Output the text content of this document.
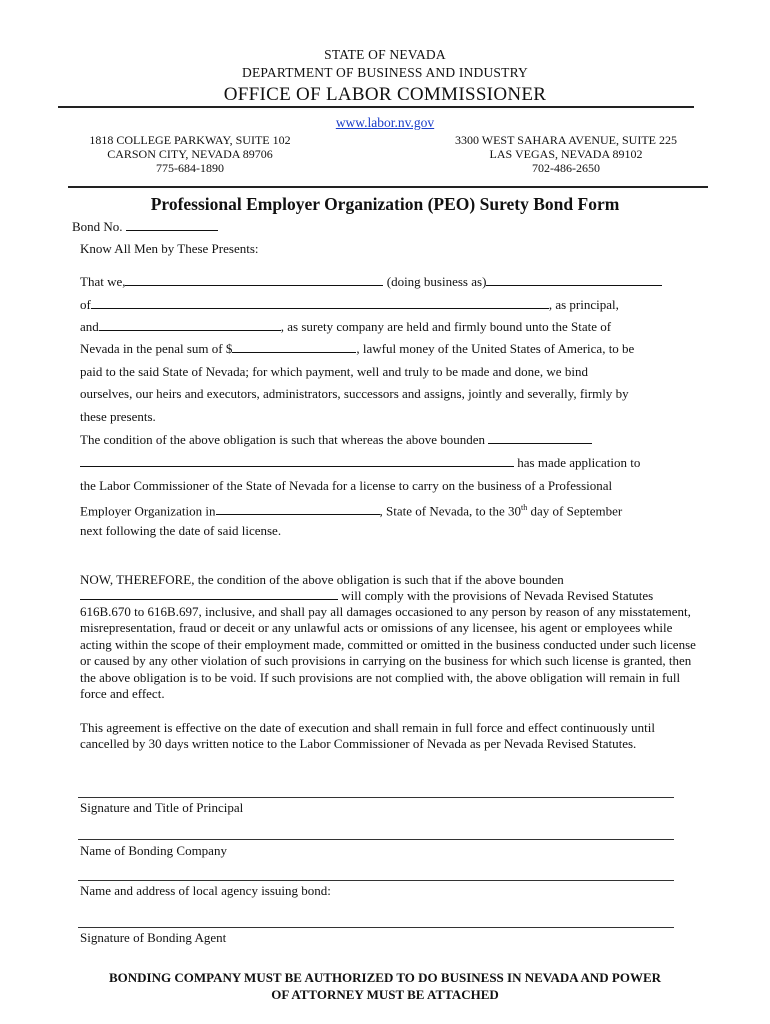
STATE OF NEVADA
DEPARTMENT OF BUSINESS AND INDUSTRY
OFFICE OF LABOR COMMISSIONER
www.labor.nv.gov
1818 COLLEGE PARKWAY, SUITE 102
CARSON CITY, NEVADA 89706
775-684-1890
3300 WEST SAHARA AVENUE, SUITE 225
LAS VEGAS, NEVADA 89102
702-486-2650
Professional Employer Organization (PEO) Surety Bond Form
Bond No.
Know All Men by These Presents:
That we,	(doing business as)
of	, as principal,
and	, as surety company are held and firmly bound unto the State of
Nevada in the penal sum of $	, lawful money of the United States of America, to be
paid to the said State of Nevada; for which payment, well and truly to be made and done, we bind
ourselves, our heirs and executors, administrators, successors and assigns, jointly and severally, firmly by
these presents.
The condition of the above obligation is such that whereas the above bounden
has made application to
the Labor Commissioner of the State of Nevada for a license to carry on the business of a Professional
Employer Organization in	, State of Nevada, to the 30th day of September
next following the date of said license.
NOW, THEREFORE, the condition of the above obligation is such that if the above bounden
will comply with the provisions of Nevada Revised Statutes
616B.670 to 616B.697, inclusive, and shall pay all damages occasioned to any person by reason of any misstatement, misrepresentation, fraud or deceit or any unlawful acts or omissions of any licensee, his agent or employees while acting within the scope of their employment made, committed or omitted in the business conducted under such license or caused by any other violation of such provisions in carrying on the business for which such license is granted, then the above obligation is to be void. If such provisions are not complied with, the above obligation will remain in full force and effect.
This agreement is effective on the date of execution and shall remain in full force and effect continuously until cancelled by 30 days written notice to the Labor Commissioner of Nevada as per Nevada Revised Statutes.
Signature and Title of Principal
Name of Bonding Company
Name and address of local agency issuing bond:
Signature of Bonding Agent
BONDING COMPANY MUST BE AUTHORIZED TO DO BUSINESS IN NEVADA AND POWER
OF ATTORNEY MUST BE ATTACHED
